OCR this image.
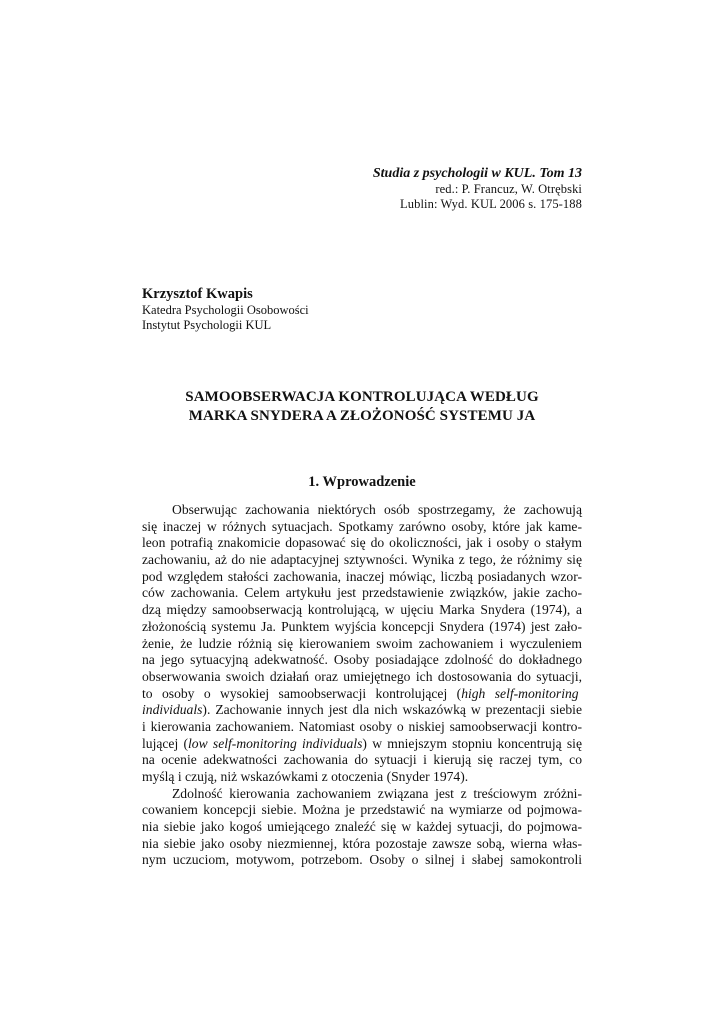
Studia z psychologii w KUL. Tom 13
red.: P. Francuz, W. Otrębski
Lublin: Wyd. KUL 2006 s. 175-188
Krzysztof Kwapis
Katedra Psychologii Osobowości
Instytut Psychologii KUL
SAMOOBSERWACJA KONTROLUJĄCA WEDŁUG
MARKA SNYDERA A ZŁOŻONOŚĆ SYSTEMU JA
1. Wprowadzenie
Obserwując zachowania niektórych osób spostrzegamy, że zachowują
się inaczej w różnych sytuacjach. Spotkamy zarówno osoby, które jak kame-
leon potrafią znakomicie dopasować się do okoliczności, jak i osoby o stałym
zachowaniu, aż do nie adaptacyjnej sztywności. Wynika z tego, że różnimy się
pod względem stałości zachowania, inaczej mówiąc, liczbą posiadanych wzor-
ców zachowania. Celem artykułu jest przedstawienie związków, jakie zacho-
dzą między samoobserwacją kontrolującą, w ujęciu Marka Snydera (1974), a
złożonością systemu Ja. Punktem wyjścia koncepcji Snydera (1974) jest zało-
żenie, że ludzie różnią się kierowaniem swoim zachowaniem i wyczuleniem
na jego sytuacyjną adekwatność. Osoby posiadające zdolność do dokładnego
obserwowania swoich działań oraz umiejętnego ich dostosowania do sytuacji,
to osoby o wysokiej samoobserwacji kontrolującej (high self-monitoring
individuals). Zachowanie innych jest dla nich wskazówką w prezentacji siebie
i kierowania zachowaniem. Natomiast osoby o niskiej samoobserwacji kontro-
lującej (low self-monitoring individuals) w mniejszym stopniu koncentrują się
na ocenie adekwatności zachowania do sytuacji i kierują się raczej tym, co
myślą i czują, niż wskazówkami z otoczenia (Snyder 1974).
Zdolność kierowania zachowaniem związana jest z treściowym zróżni-
cowaniem koncepcji siebie. Można je przedstawić na wymiarze od pojmowa-
nia siebie jako kogoś umiejącego znaleźć się w każdej sytuacji, do pojmowa-
nia siebie jako osoby niezmiennej, która pozostaje zawsze sobą, wierna włas-
nym uczuciom, motywom, potrzebom. Osoby o silnej i słabej samokontroli
